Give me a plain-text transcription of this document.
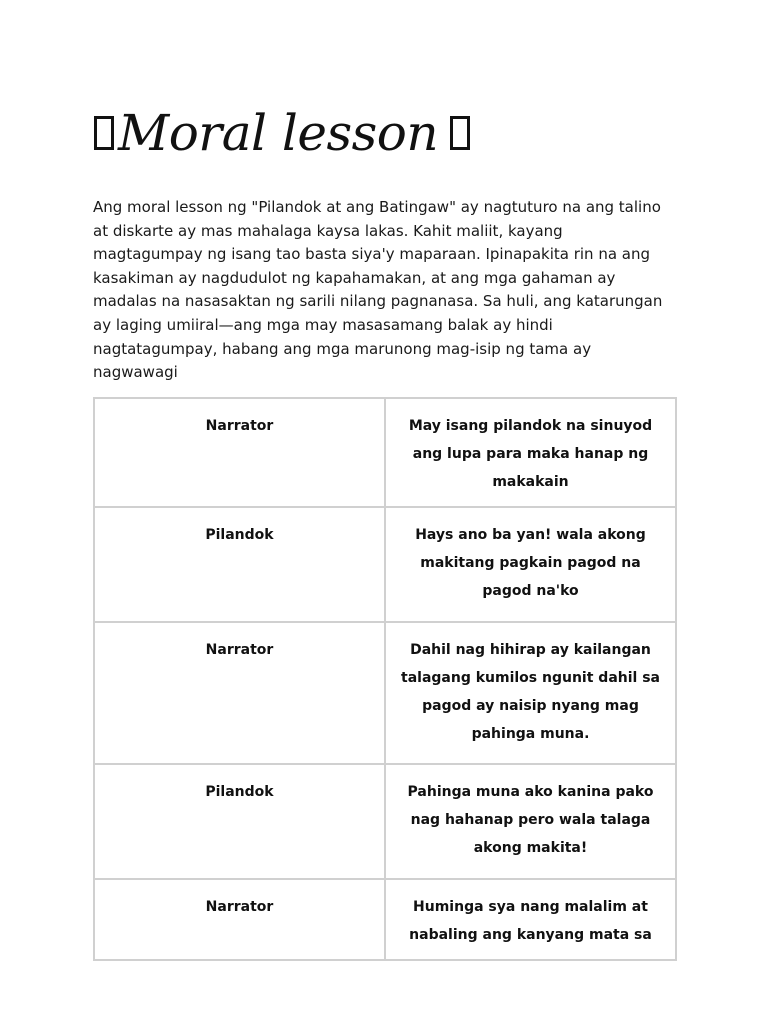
Moral lesson

Ang moral lesson ng "Pilandok at ang Batingaw" ay nagtuturo na ang talino at diskarte ay mas mahalaga kaysa lakas. Kahit maliit, kayang magtagumpay ng isang tao basta siya'y maparaan. Ipinapakita rin na ang kasakiman ay nagdudulot ng kapahamakan, at ang mga gahaman ay madalas na nasasaktan ng sarili nilang pagnanasa. Sa huli, ang katarungan ay laging umiiral—ang mga may masasamang balak ay hindi nagtatagumpay, habang ang mga marunong mag-isip ng tama ay nagwawagi

Narrator	May isang pilandok na sinuyod ang lupa para maka hanap ng makakain
Pilandok	Hays ano ba yan! wala akong makitang pagkain pagod na pagod na'ko
Narrator	Dahil nag hihirap ay kailangan talagang kumilos ngunit dahil sa pagod ay naisip nyang mag pahinga muna.
Pilandok	Pahinga muna ako kanina pako nag hahanap pero wala talaga akong makita!
Narrator	Huminga sya nang malalim at nabaling ang kanyang mata sa
